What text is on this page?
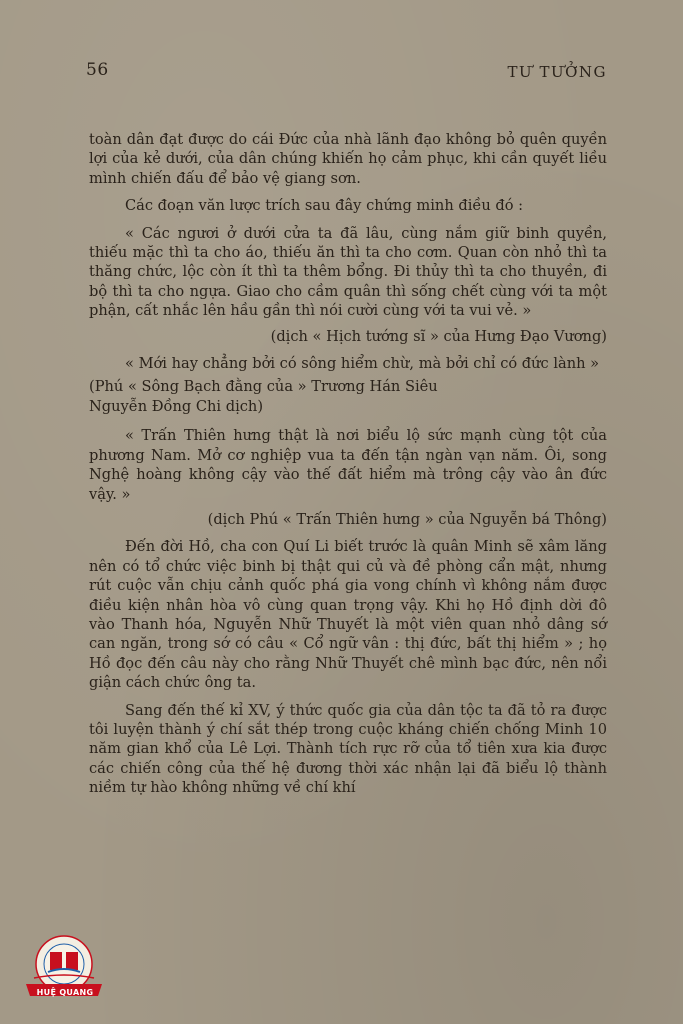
56	TƯ TƯỞNG

toàn dân đạt được do cái Đức của nhà lãnh đạo không bỏ quên quyền lợi của kẻ dưới, của dân chúng khiến họ cảm phục, khi cần quyết liều mình chiến đấu để bảo vệ giang sơn.

Các đoạn văn lược trích sau đây chứng minh điều đó :

« Các ngươi ở dưới cửa ta đã lâu, cùng nắm giữ binh quyền, thiếu mặc thì ta cho áo, thiếu ăn thì ta cho cơm. Quan còn nhỏ thì ta thăng chức, lộc còn ít thì ta thêm bổng. Đi thủy thì ta cho thuyền, đi bộ thì ta cho ngựa. Giao cho cầm quân thì sống chết cùng với ta một phận, cất nhắc lên hầu gần thì nói cười cùng với ta vui vẻ. »

(dịch « Hịch tướng sĩ » của Hưng Đạo Vương)

« Mới hay chẳng bởi có sông hiểm chừ, mà bởi chỉ có đức lành »

(Phú « Sông Bạch đằng của » Trương Hán Siêu
Nguyễn Đồng Chi dịch)

« Trấn Thiên hưng thật là nơi biểu lộ sức mạnh cùng tột của phương Nam. Mở cơ nghiệp vua ta đến tận ngàn vạn năm. Ôi, song Nghệ hoàng không cậy vào thế đất hiểm mà trông cậy vào ân đức vậy. »

(dịch Phú « Trấn Thiên hưng » của Nguyễn bá Thông)

Đến đời Hồ, cha con Quí Li biết trước là quân Minh sẽ xâm lăng nên có tổ chức việc binh bị thật qui củ và đề phòng cẩn mật, nhưng rút cuộc vẫn chịu cảnh quốc phá gia vong chính vì không nắm được điều kiện nhân hòa vô cùng quan trọng vậy. Khi họ Hồ định dời đô vào Thanh hóa, Nguyễn Nhữ Thuyết là một viên quan nhỏ dâng sớ can ngăn, trong sớ có câu « Cổ ngữ vân : thị đức, bất thị hiểm » ; họ Hồ đọc đến câu này cho rằng Nhữ Thuyết chê mình bạc đức, nên nổi giận cách chức ông ta.

Sang đến thế kỉ XV, ý thức quốc gia của dân tộc ta đã tỏ ra được tôi luyện thành ý chí sắt thép trong cuộc kháng chiến chống Minh 10 năm gian khổ của Lê Lợi. Thành tích rực rỡ của tổ tiên xưa kia được các chiến công của thế hệ đương thời xác nhận lại đã biểu lộ thành niềm tự hào không những về chí khí

HUỆ QUANG
